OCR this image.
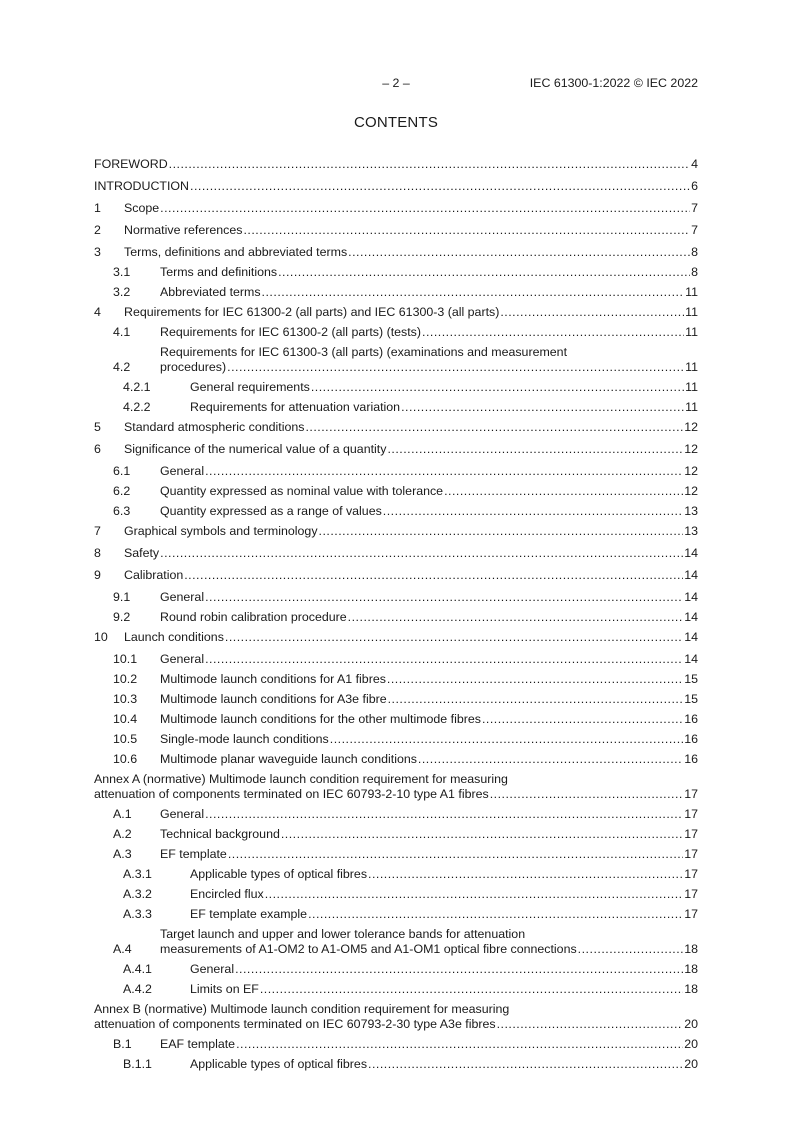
– 2 –	IEC 61300-1:2022 © IEC 2022
CONTENTS
FOREWORD .....	4
INTRODUCTION .....	6
1	Scope .....	7
2	Normative references .....	7
3	Terms, definitions and abbreviated terms .....	8
3.1	Terms and definitions .....	8
3.2	Abbreviated terms .....	11
4	Requirements for IEC 61300-2 (all parts) and IEC 61300-3 (all parts) .....	11
4.1	Requirements for IEC 61300-2 (all parts) (tests) .....	11
4.2
Requirements for IEC 61300-3 (all parts) (examinations and measurement
procedures) .....	11
4.2.1	General requirements .....	11
4.2.2	Requirements for attenuation variation .....	11
5	Standard atmospheric conditions .....	12
6	Significance of the numerical value of a quantity .....	12
6.1	General .....	12
6.2	Quantity expressed as nominal value with tolerance .....	12
6.3	Quantity expressed as a range of values .....	13
7	Graphical symbols and terminology .....	13
8	Safety .....	14
9	Calibration .....	14
9.1	General .....	14
9.2	Round robin calibration procedure .....	14
10	Launch conditions .....	14
10.1	General .....	14
10.2	Multimode launch conditions for A1 fibres .....	15
10.3	Multimode launch conditions for A3e fibre .....	15
10.4	Multimode launch conditions for the other multimode fibres .....	16
10.5	Single-mode launch conditions .....	16
10.6	Multimode planar waveguide launch conditions .....	16
Annex A (normative) Multimode launch condition requirement for measuring
attenuation of components terminated on IEC 60793-2-10 type A1 fibres .....	17
A.1	General .....	17
A.2	Technical background .....	17
A.3	EF template .....	17
A.3.1	Applicable types of optical fibres .....	17
A.3.2	Encircled flux .....	17
A.3.3	EF template example .....	17
A.4
Target launch and upper and lower tolerance bands for attenuation
measurements of A1-OM2 to A1-OM5 and A1-OM1 optical fibre connections .....	18
A.4.1	General .....	18
A.4.2	Limits on EF .....	18
Annex B (normative) Multimode launch condition requirement for measuring
attenuation of components terminated on IEC 60793-2-30 type A3e fibres .....	20
B.1	EAF template .....	20
B.1.1	Applicable types of optical fibres .....	20
